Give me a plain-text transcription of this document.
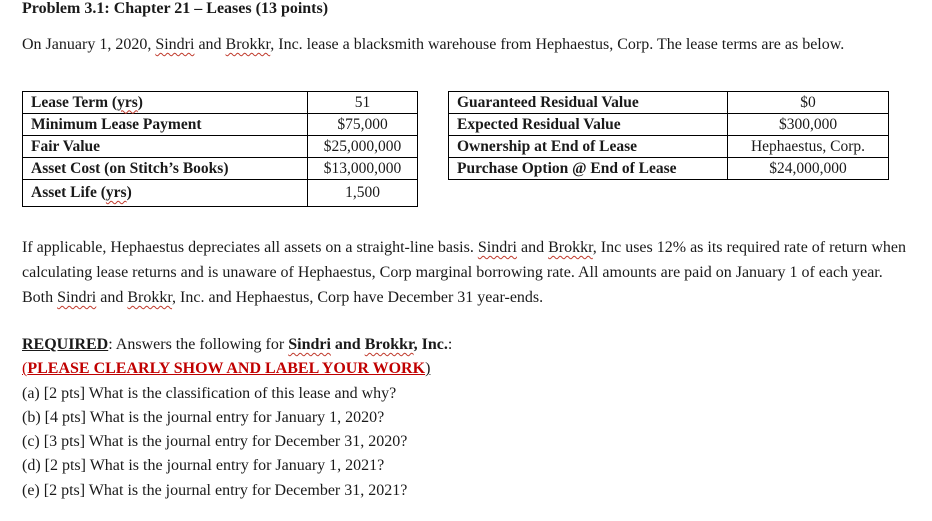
Problem 3.1: Chapter 21 – Leases (13 points)
On January 1, 2020, Sindri and Brokkr, Inc. lease a blacksmith warehouse from Hephaestus, Corp. The lease terms are as below.
Lease Term (yrs)	51
Minimum Lease Payment	$75,000
Fair Value	$25,000,000
Asset Cost (on Stitch’s Books)	$13,000,000
Asset Life (yrs)	1,500
Guaranteed Residual Value	$0
Expected Residual Value	$300,000
Ownership at End of Lease	Hephaestus, Corp.
Purchase Option @ End of Lease	$24,000,000
If applicable, Hephaestus depreciates all assets on a straight-line basis. Sindri and Brokkr, Inc uses 12% as its required rate of return when calculating lease returns and is unaware of Hephaestus, Corp marginal borrowing rate. All amounts are paid on January 1 of each year. Both Sindri and Brokkr, Inc. and Hephaestus, Corp have December 31 year-ends.
REQUIRED: Answers the following for Sindri and Brokkr, Inc.:
(PLEASE CLEARLY SHOW AND LABEL YOUR WORK)
(a) [2 pts] What is the classification of this lease and why?
(b) [4 pts] What is the journal entry for January 1, 2020?
(c) [3 pts] What is the journal entry for December 31, 2020?
(d) [2 pts] What is the journal entry for January 1, 2021?
(e) [2 pts] What is the journal entry for December 31, 2021?
